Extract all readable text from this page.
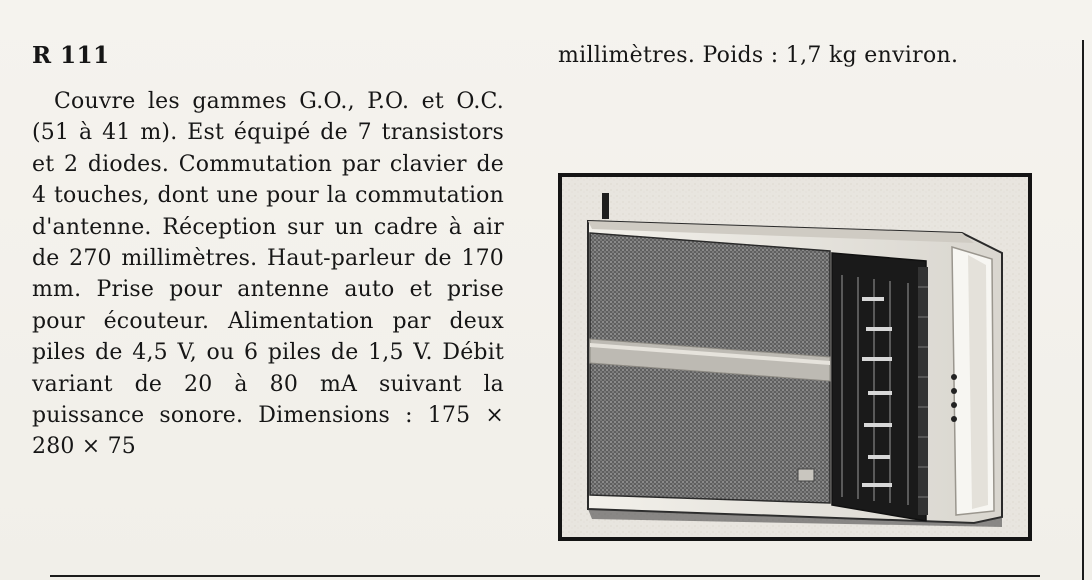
R 111
Couvre les gammes G.O., P.O. et O.C. (51 à 41 m). Est équipé de 7 transistors et 2 diodes. Commutation par clavier de 4 touches, dont une pour la commutation d'antenne. Réception sur un cadre à air de 270 millimètres. Haut-parleur de 170 mm. Prise pour antenne auto et prise pour écouteur. Alimentation par deux piles de 4,5 V, ou 6 piles de 1,5 V. Débit variant de 20 à 80 mA suivant la puissance sonore. Dimensions : 175 × 280 × 75
millimètres. Poids : 1,7 kg environ.
